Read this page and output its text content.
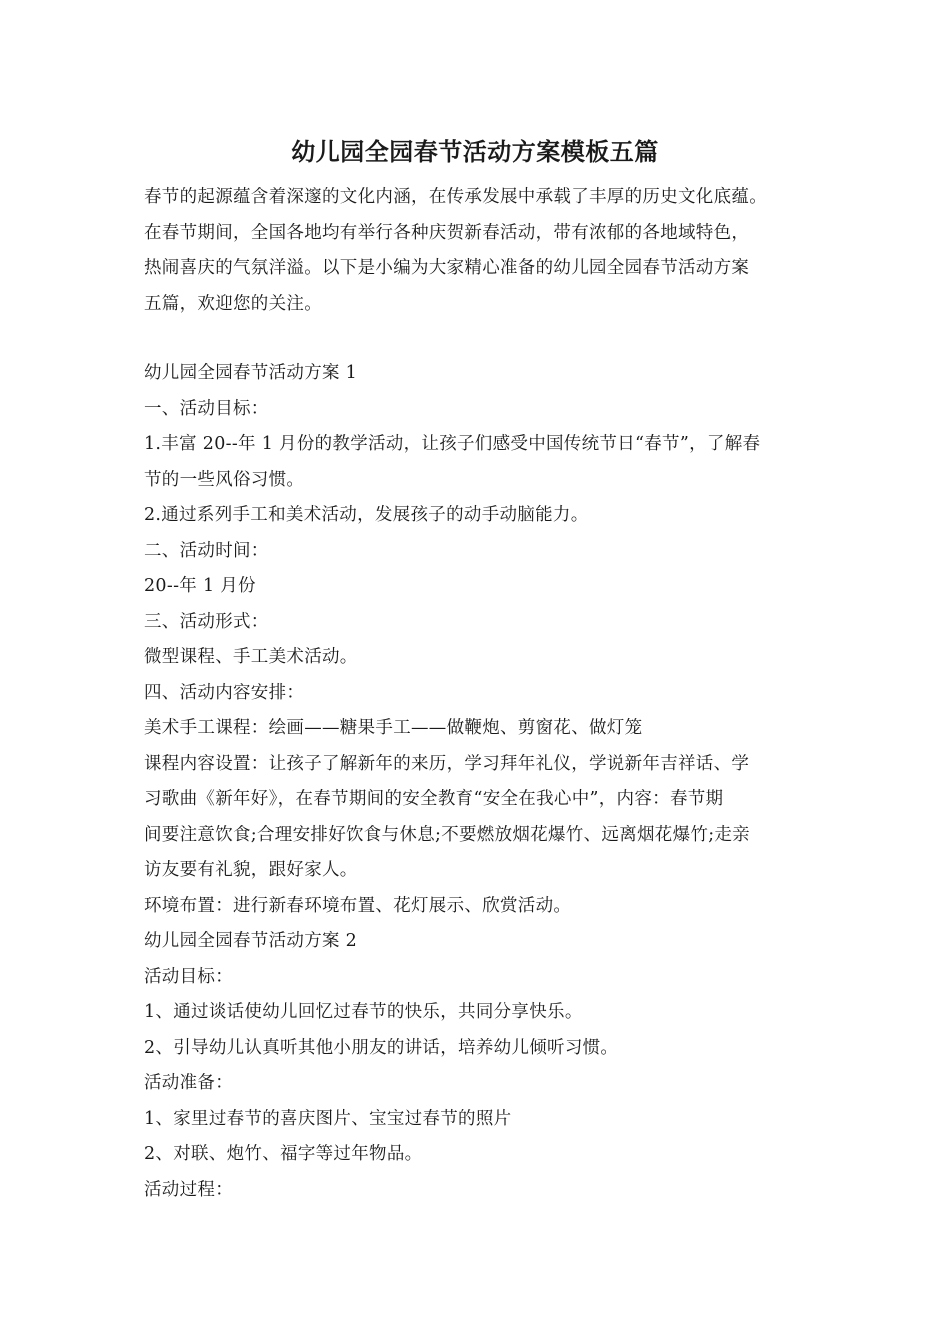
幼儿园全园春节活动方案模板五篇
春节的起源蕴含着深邃的文化内涵，在传承发展中承载了丰厚的历史文化底蕴。
在春节期间，全国各地均有举行各种庆贺新春活动，带有浓郁的各地域特色，
热闹喜庆的气氛洋溢。以下是小编为大家精心准备的幼儿园全园春节活动方案
五篇，欢迎您的关注。
幼儿园全园春节活动方案 1
一、活动目标：
1.丰富 20--年 1 月份的教学活动，让孩子们感受中国传统节日“春节”，了解春
节的一些风俗习惯。
2.通过系列手工和美术活动，发展孩子的动手动脑能力。
二、活动时间：
20--年 1 月份
三、活动形式：
微型课程、手工美术活动。
四、活动内容安排：
美术手工课程：绘画——糖果手工——做鞭炮、剪窗花、做灯笼
课程内容设置：让孩子了解新年的来历，学习拜年礼仪，学说新年吉祥话、学
习歌曲《新年好》，在春节期间的安全教育“安全在我心中”，内容：春节期
间要注意饮食;合理安排好饮食与休息;不要燃放烟花爆竹、远离烟花爆竹;走亲
访友要有礼貌，跟好家人。
环境布置：进行新春环境布置、花灯展示、欣赏活动。
幼儿园全园春节活动方案 2
活动目标：
1、通过谈话使幼儿回忆过春节的快乐，共同分享快乐。
2、引导幼儿认真听其他小朋友的讲话，培养幼儿倾听习惯。
活动准备：
1、家里过春节的喜庆图片、宝宝过春节的照片
2、对联、炮竹、福字等过年物品。
活动过程：
